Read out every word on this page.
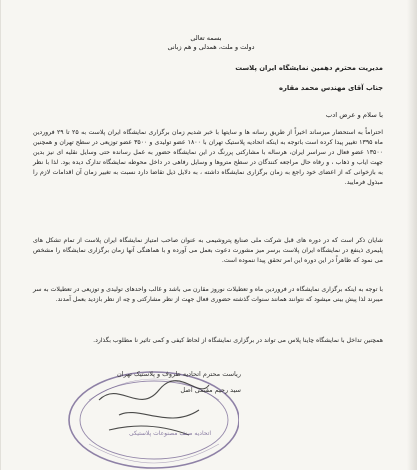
بسمه تعالی
دولت و ملت، همدلی و هم زبانی
مدیریت محترم دهمین نمایشگاه ایران پلاست
جناب آقای مهندس محمد مقاره
با سلام و عرض ادب
احتراماً به استحضار میرساند اخیراً از طریق رسانه ها و سایتها با خبر شدیم زمان برگزاری نمایشگاه ایران پلاست به ۲۵ تا ۲۹ فروردین ماه ۱۳۹۵ تغییر پیدا کرده است باتوجه به اینکه اتحادیه پلاستیک تهران با ۱۸۰۰ عضو تولیدی و ۳۵۰۰ عضو توزیعی در سطح تهران و همچنین ۱۳۵۰۰ عضو فعال در سراسر ایران، هرساله با مشارکتی پررنگ در این نمایشگاه حضور به عمل رسانده حتی وسایل نقلیه ای نیز بدین جهت ایاب و ذهاب ، و رفاه حال مراجعه کنندگان در سطح متروها و وسایل رفاهی در داخل محوطه نمایشگاه تدارک دیده بود. لذا با نظر به بازخوانی که از اعضای خود راجع به زمان برگزاری نمایشگاه داشته ، به دلایل ذیل تقاضا دارد نسبت به تغییر زمان آن اقدامات لازم را مبذول فرمایید.
شایان ذکر است که در دوره های قبل شرکت ملی صنایع پتروشیمی به عنوان صاحب امتیاز نمایشگاه ایران پلاست از تمام تشکل های پلیمری ذینفع در نمایشگاه ایران پلاست برسر میز مشورت دعوت بعمل می آورده و با هماهنگی آنها زمان برگزاری نمایشگاه را مشخص می نمود که ظاهراً در این دوره این امر تحقق پیدا ننموده است.
با توجه به اینکه برگزاری نمایشگاه در فروردین ماه و تعطیلات نوروز مقارن می باشد و غالب واحدهای تولیدی و توزیعی در تعطیلات به سر میبرند لذا پیش بینی میشود که نتوانند همانند سنوات گذشته حضوری فعال جهت از نظر مشارکتی و چه از نظر بازدید بعمل آمدند.
همچنین تداخل با نمایشگاه چاینا پلاس می تواند در برگزاری نمایشگاه از لحاظ کیفی و کمی تاثیر نا مطلوب بگذارد.
ریاست محترم اتحادیه ظروف و پلاستیک تهران
سید رحیم مقیمی اصل
اتحادیه صنف مصنوعات پلاستیکی
